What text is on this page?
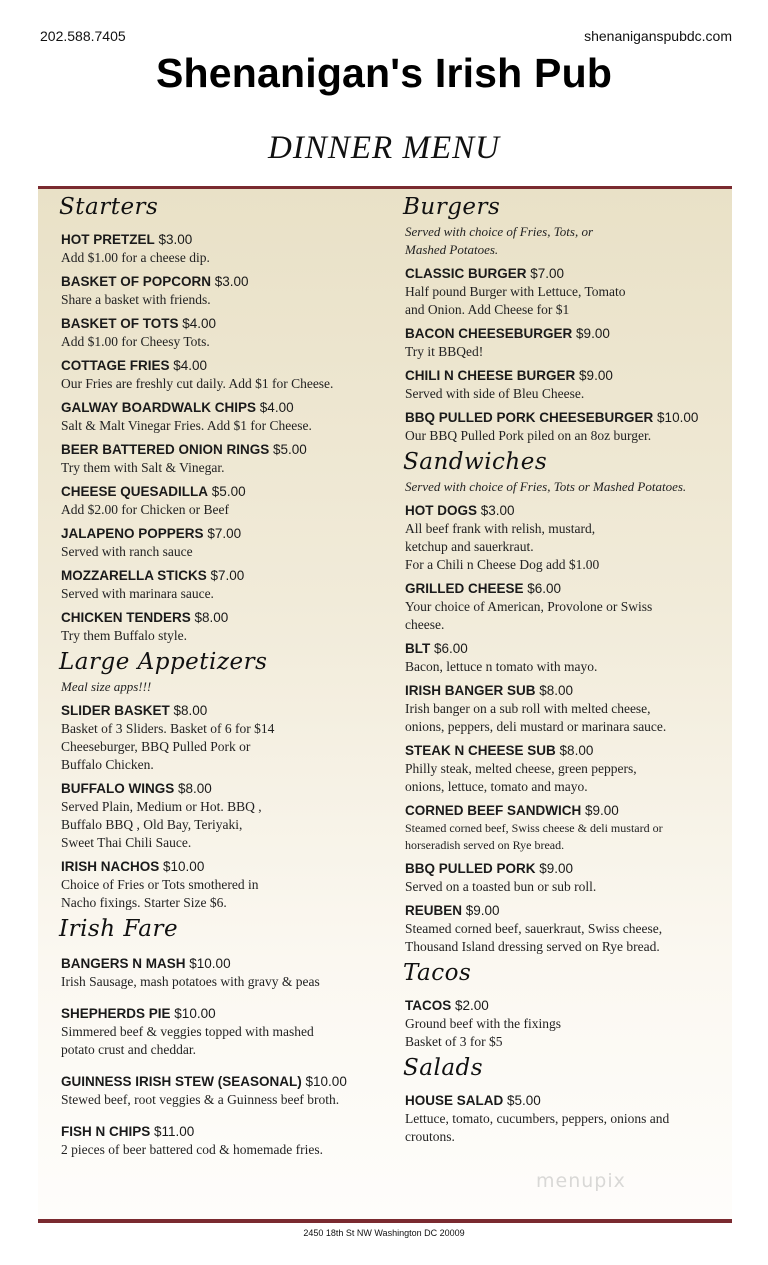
202.588.7405	shenaniganspubdc.com
Shenanigan's Irish Pub
DINNER MENU
Starters
HOT PRETZEL $3.00
Add $1.00 for a cheese dip.
BASKET OF POPCORN $3.00
Share a basket with friends.
BASKET OF TOTS $4.00
Add $1.00 for Cheesy Tots.
COTTAGE FRIES $4.00
Our Fries are freshly cut daily. Add $1 for Cheese.
GALWAY BOARDWALK CHIPS $4.00
Salt & Malt Vinegar Fries. Add $1 for Cheese.
BEER BATTERED ONION RINGS $5.00
Try them with Salt & Vinegar.
CHEESE QUESADILLA $5.00
Add $2.00 for Chicken or Beef
JALAPENO POPPERS $7.00
Served with ranch sauce
MOZZARELLA STICKS $7.00
Served with marinara sauce.
CHICKEN TENDERS $8.00
Try them Buffalo style.
Large Appetizers
Meal size apps!!!
SLIDER BASKET $8.00
Basket of 3 Sliders. Basket of 6 for $14
Cheeseburger, BBQ Pulled Pork or
Buffalo Chicken.
BUFFALO WINGS $8.00
Served Plain, Medium or Hot. BBQ ,
Buffalo BBQ , Old Bay, Teriyaki,
Sweet Thai Chili Sauce.
IRISH NACHOS $10.00
Choice of Fries or Tots smothered in
Nacho fixings. Starter Size $6.
Irish Fare
BANGERS N MASH $10.00
Irish Sausage, mash potatoes with gravy & peas
SHEPHERDS PIE $10.00
Simmered beef & veggies topped with mashed
potato crust and cheddar.
GUINNESS IRISH STEW (SEASONAL) $10.00
Stewed beef, root veggies & a Guinness beef broth.
FISH N CHIPS $11.00
2 pieces of beer battered cod & homemade fries.
Burgers
Served with choice of Fries, Tots, or
Mashed Potatoes.
CLASSIC BURGER $7.00
Half pound Burger with Lettuce, Tomato
and Onion. Add Cheese for $1
BACON CHEESEBURGER $9.00
Try it BBQed!
CHILI N CHEESE BURGER $9.00
Served with side of Bleu Cheese.
BBQ PULLED PORK CHEESEBURGER $10.00
Our BBQ Pulled Pork piled on an 8oz burger.
Sandwiches
Served with choice of Fries, Tots or Mashed Potatoes.
HOT DOGS $3.00
All beef frank with relish, mustard,
ketchup and sauerkraut.
For a Chili n Cheese Dog add $1.00
GRILLED CHEESE $6.00
Your choice of American, Provolone or Swiss
cheese.
BLT $6.00
Bacon, lettuce n tomato with mayo.
IRISH BANGER SUB $8.00
Irish banger on a sub roll with melted cheese,
onions, peppers, deli mustard or marinara sauce.
STEAK N CHEESE SUB $8.00
Philly steak, melted cheese, green peppers,
onions, lettuce, tomato and mayo.
CORNED BEEF SANDWICH $9.00
Steamed corned beef, Swiss cheese & deli mustard or
horseradish served on Rye bread.
BBQ PULLED PORK $9.00
Served on a toasted bun or sub roll.
REUBEN $9.00
Steamed corned beef, sauerkraut, Swiss cheese,
Thousand Island dressing served on Rye bread.
Tacos
TACOS $2.00
Ground beef with the fixings
Basket of 3 for $5
Salads
HOUSE SALAD $5.00
Lettuce, tomato, cucumbers, peppers, onions and
croutons.
menupix
2450 18th St NW Washington DC 20009
